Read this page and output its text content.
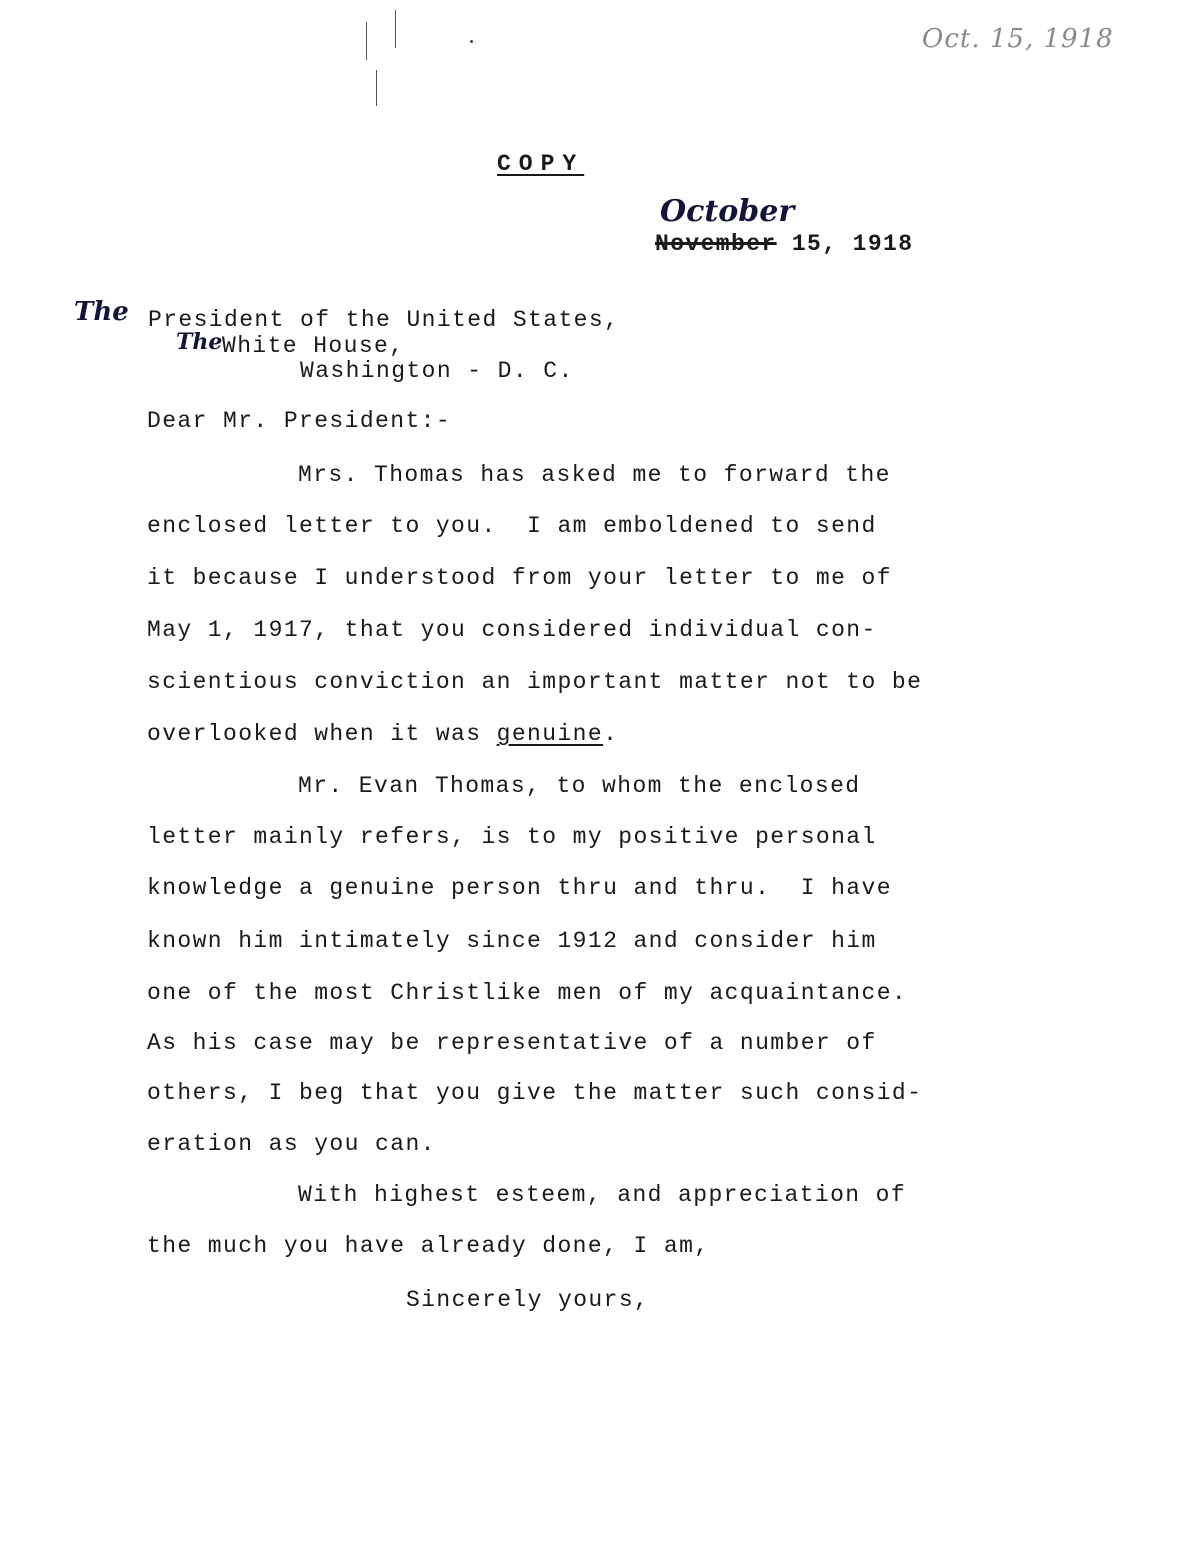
Oct. 15, 1918
COPY
October
November 15, 1918
The President of the United States,
The White House,
Washington - D. C.
Dear Mr. President:-
Mrs. Thomas has asked me to forward the
enclosed letter to you.  I am emboldened to send
it because I understood from your letter to me of
May 1, 1917, that you considered individual con-
scientious conviction an important matter not to be
overlooked when it was genuine.
Mr. Evan Thomas, to whom the enclosed
letter mainly refers, is to my positive personal
knowledge a genuine person thru and thru.  I have
known him intimately since 1912 and consider him
one of the most Christlike men of my acquaintance.
As his case may be representative of a number of
others, I beg that you give the matter such consid-
eration as you can.
With highest esteem, and appreciation of
the much you have already done, I am,
Sincerely yours,
